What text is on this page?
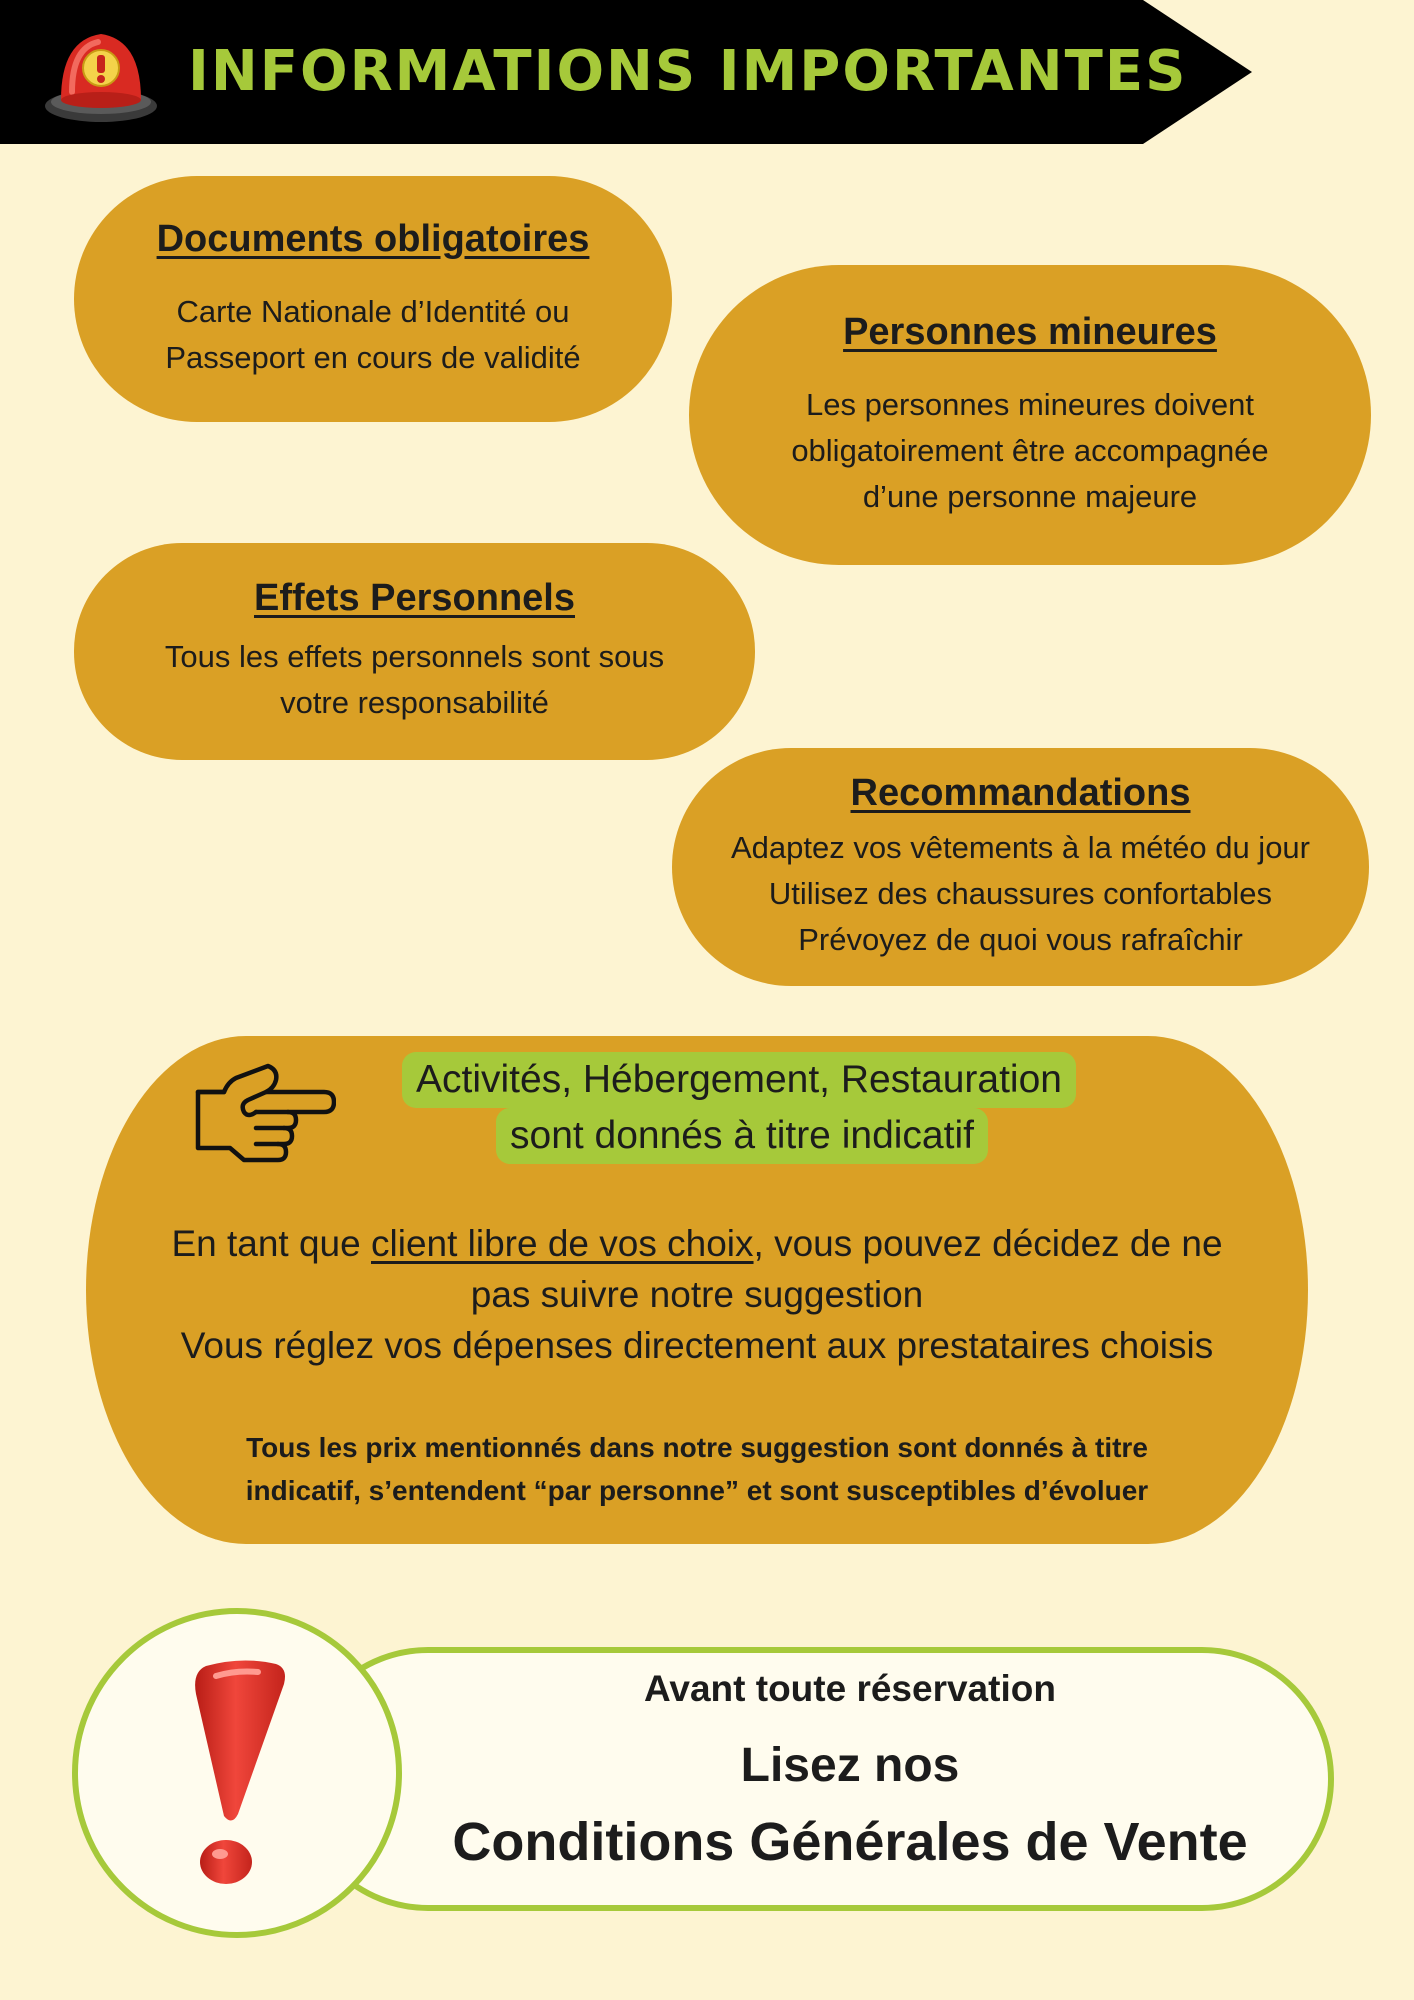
INFORMATIONS IMPORTANTES
Documents obligatoires
Carte Nationale d’Identité ou
Passeport en cours de validité
Personnes mineures
Les personnes mineures doivent
obligatoirement être accompagnée
d’une personne majeure
Effets Personnels
Tous les effets personnels sont sous
votre responsabilité
Recommandations
Adaptez vos vêtements à la météo du jour
Utilisez des chaussures confortables
Prévoyez de quoi vous rafraîchir
Activités, Hébergement, Restauration
sont donnés à titre indicatif
En tant que client libre de vos choix, vous pouvez décidez de ne
pas suivre notre suggestion
Vous réglez vos dépenses directement aux prestataires choisis
Tous les prix mentionnés dans notre suggestion sont donnés à titre
indicatif, s’entendent “par personne” et sont susceptibles d’évoluer
Avant toute réservation
Lisez nos
Conditions Générales de Vente
